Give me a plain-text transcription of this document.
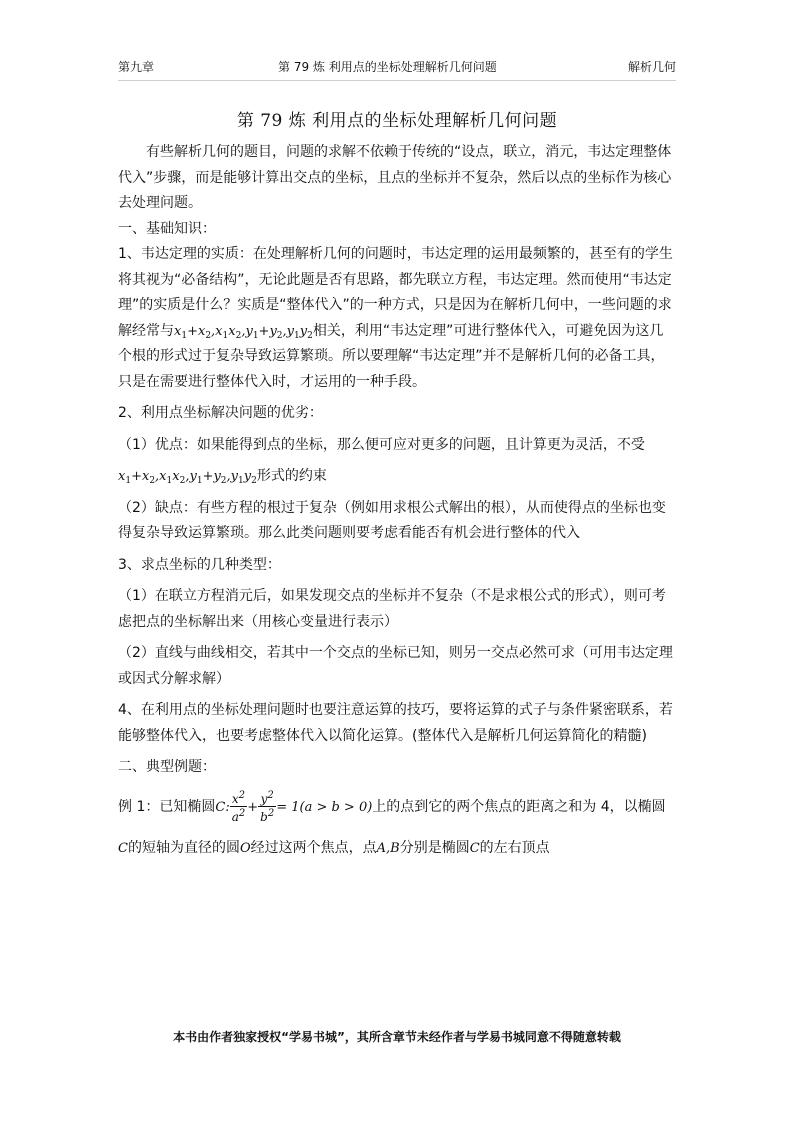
第九章	第 79 炼 利用点的坐标处理解析几何问题	解析几何
第 79 炼 利用点的坐标处理解析几何问题

有些解析几何的题目，问题的求解不依赖于传统的“设点，联立，消元，韦达定理整体代入”步骤，而是能够计算出交点的坐标，且点的坐标并不复杂，然后以点的坐标作为核心去处理问题。

一、基础知识：

1、韦达定理的实质：在处理解析几何的问题时，韦达定理的运用最频繁的，甚至有的学生将其视为“必备结构”，无论此题是否有思路，都先联立方程，韦达定理。然而使用“韦达定理”的实质是什么？实质是“整体代入”的一种方式，只是因为在解析几何中，一些问题的求解经常与$x_1+x_2,x_1x_2,y_1+y_2,y_1y_2$相关，利用“韦达定理”可进行整体代入，可避免因为这几个根的形式过于复杂导致运算繁琐。所以要理解“韦达定理”并不是解析几何的必备工具，只是在需要进行整体代入时，才运用的一种手段。

2、利用点坐标解决问题的优劣：

（1）优点：如果能得到点的坐标，那么便可应对更多的问题，且计算更为灵活，不受

$x_1+x_2,x_1x_2,y_1+y_2,y_1y_2$形式的约束

（2）缺点：有些方程的根过于复杂（例如用求根公式解出的根），从而使得点的坐标也变得复杂导致运算繁琐。那么此类问题则要考虑看能否有机会进行整体的代入

3、求点坐标的几种类型：

（1）在联立方程消元后，如果发现交点的坐标并不复杂（不是求根公式的形式），则可考虑把点的坐标解出来（用核心变量进行表示）

（2）直线与曲线相交，若其中一个交点的坐标已知，则另一交点必然可求（可用韦达定理或因式分解求解）

4、在利用点的坐标处理问题时也要注意运算的技巧，要将运算的式子与条件紧密联系，若能够整体代入，也要考虑整体代入以简化运算。(整体代入是解析几何运算简化的精髓)

二、典型例题：

例 1：已知椭圆C: $\frac{x^2}{a^2} + \frac{y^2}{b^2} = 1(a > b > 0)$上的点到它的两个焦点的距离之和为 4，以椭圆
C的短轴为直径的圆O经过这两个焦点，点A,B分别是椭圆C的左右顶点

本书由作者独家授权“学易书城”，其所含章节未经作者与学易书城同意不得随意转载
